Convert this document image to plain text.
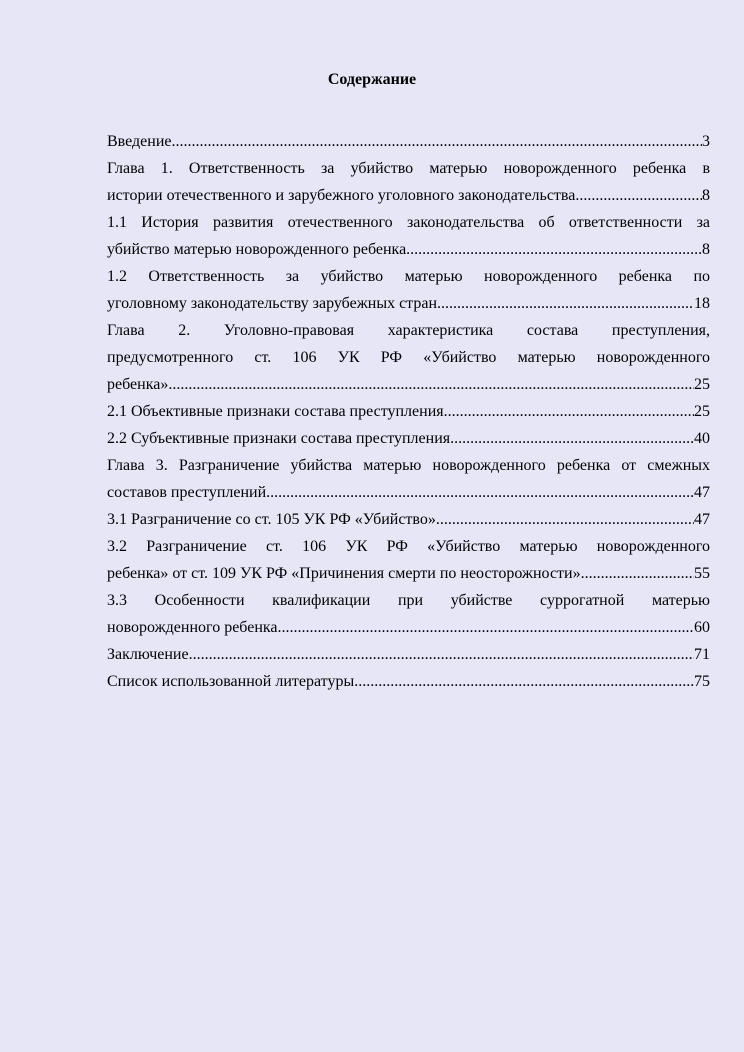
Содержание
Введение .....	3
Глава 1. Ответственность за убийство матерью новорожденного ребенка в
истории отечественного и зарубежного уголовного законодательства .....	8
1.1 История развития отечественного законодательства об ответственности за
убийство матерью новорожденного ребенка .....	8
1.2 Ответственность за убийство матерью новорожденного ребенка по
уголовному законодательству зарубежных стран .....	18
Глава 2. Уголовно-правовая характеристика состава преступления,
предусмотренного ст. 106 УК РФ «Убийство матерью новорожденного
ребенка» .....	25
2.1 Объективные признаки состава преступления .....	25
2.2 Субъективные признаки состава преступления .....	40
Глава 3. Разграничение убийства матерью новорожденного ребенка от смежных
составов преступлений .....	47
3.1 Разграничение со ст. 105 УК РФ «Убийство» .....	47
3.2 Разграничение ст. 106 УК РФ «Убийство матерью новорожденного
ребенка» от ст. 109 УК РФ «Причинения смерти по неосторожности» .....	55
3.3 Особенности квалификации при убийстве суррогатной матерью
новорожденного ребенка .....	60
Заключение .....	71
Список использованной литературы .....	75
